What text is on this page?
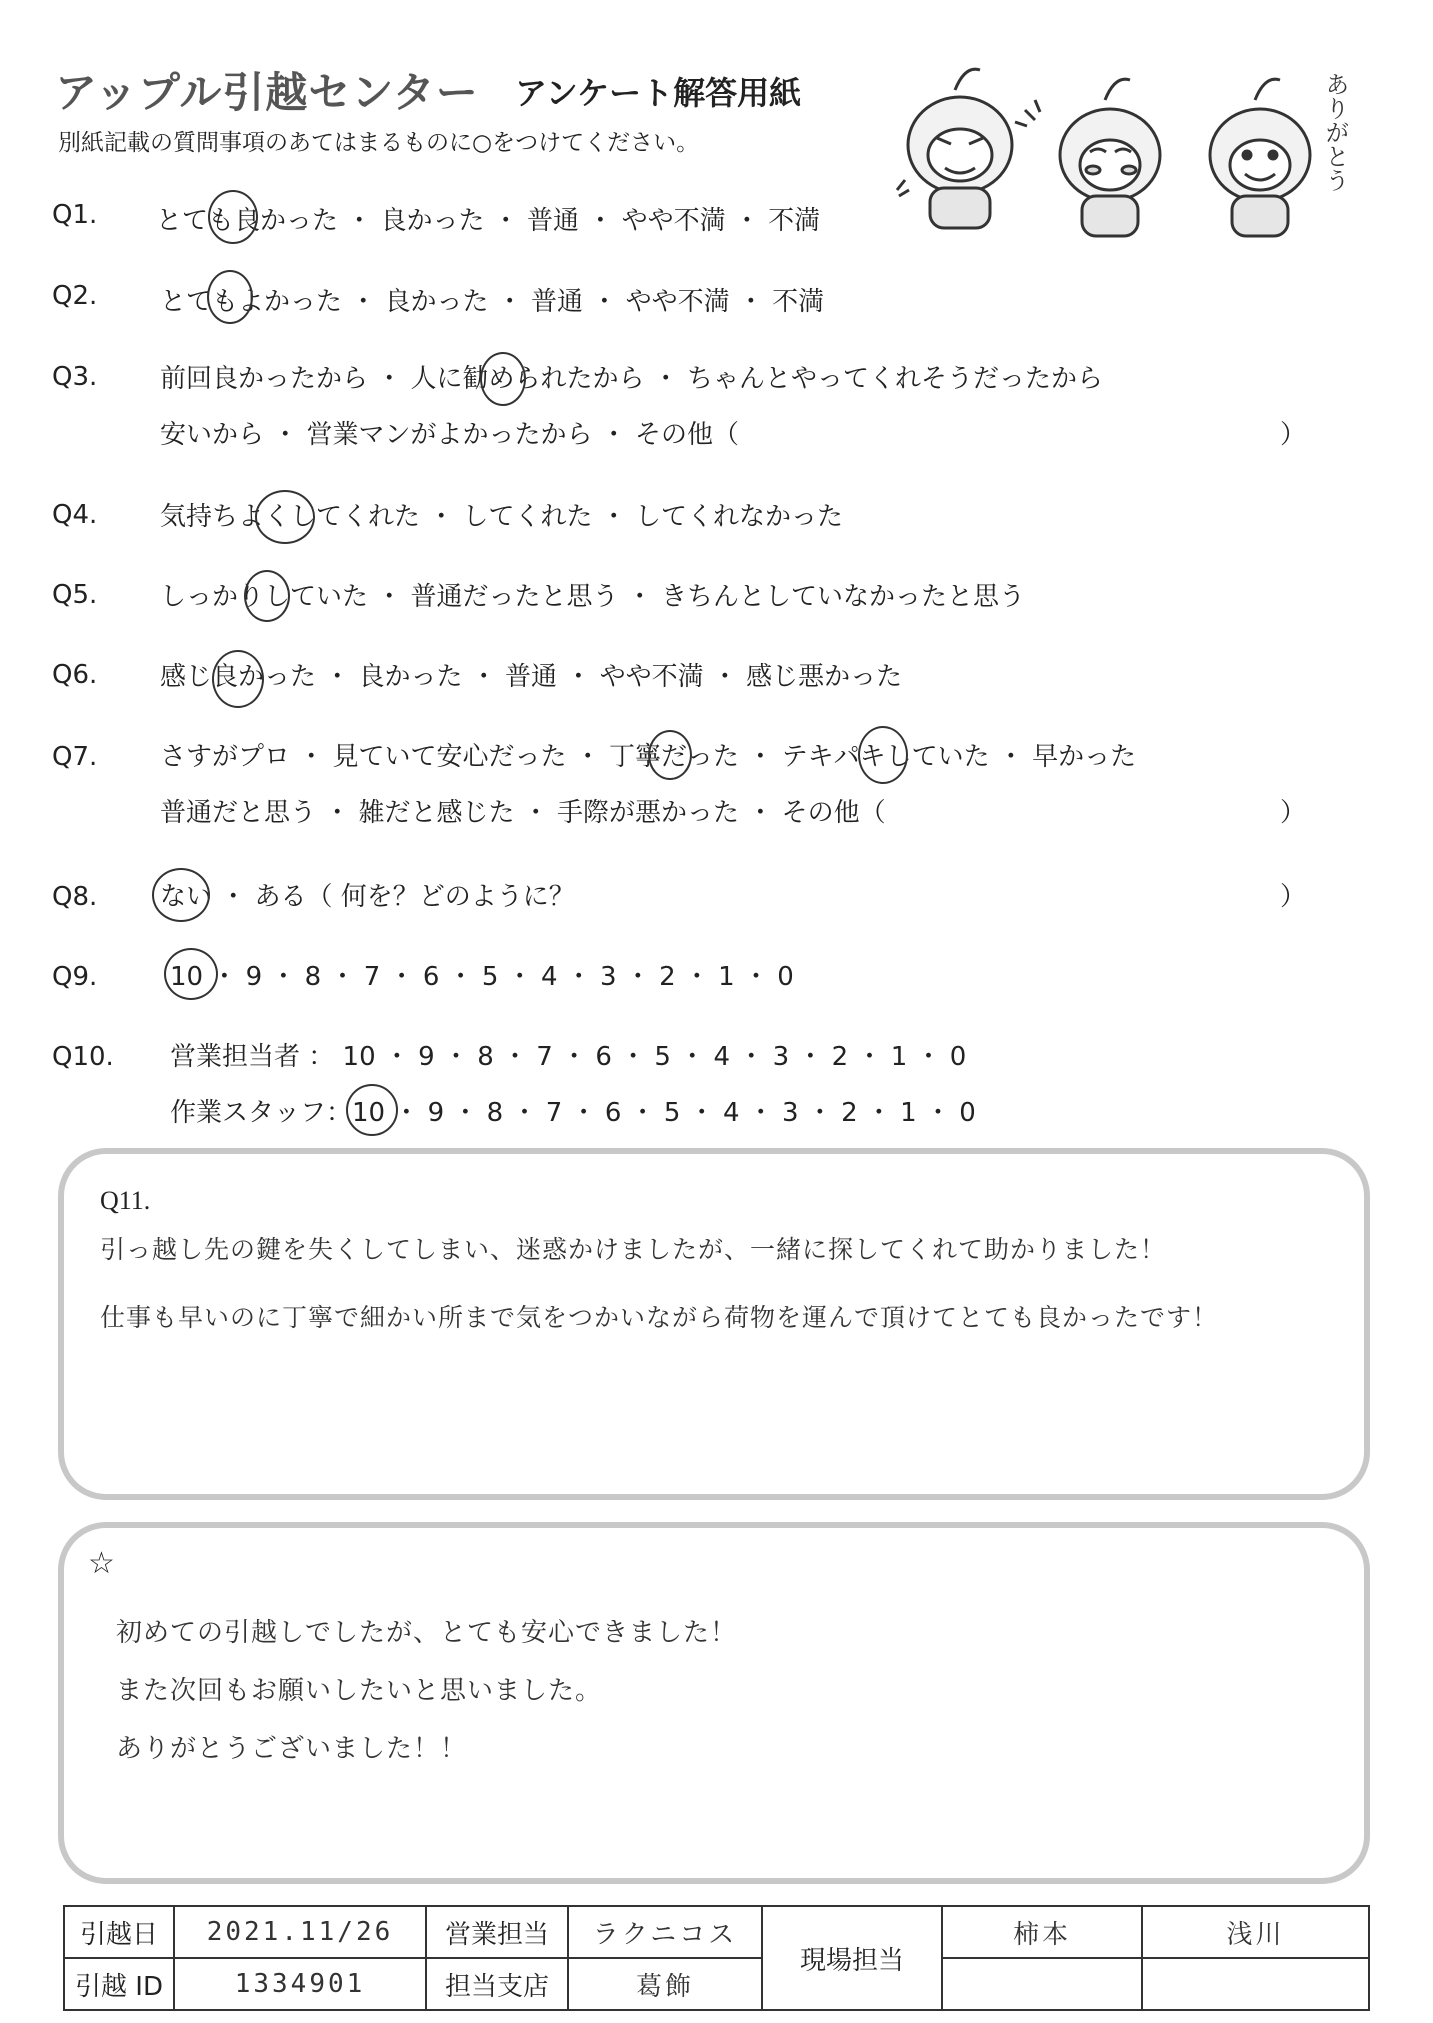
アップル引越センター アンケート解答用紙
別紙記載の質問事項のあてはまるものに○をつけてください。	ありがとう
Q1. とても良かった ・ 良かった ・ 普通 ・ やや不満 ・ 不満
Q2. とてもよかった ・ 良かった ・ 普通 ・ やや不満 ・ 不満
Q3. 前回良かったから ・ 人に勧められたから ・ ちゃんとやってくれそうだったから
安いから ・ 営業マンがよかったから ・ その他（	）
Q4. 気持ちよくしてくれた ・ してくれた ・ してくれなかった
Q5. しっかりしていた ・ 普通だったと思う ・ きちんとしていなかったと思う
Q6. 感じ良かった ・ 良かった ・ 普通 ・ やや不満 ・ 感じ悪かった
Q7. さすがプロ ・ 見ていて安心だった ・ 丁寧だった ・ テキパキしていた ・ 早かった
普通だと思う ・ 雑だと感じた ・ 手際が悪かった ・ その他（	）
Q8. ない ・ ある（ 何を？どのように？	）
Q9.	10 ・ 9 ・ 8 ・ 7 ・ 6 ・ 5 ・ 4 ・ 3 ・ 2 ・ 1 ・ 0
Q10. 営業担当者 ： 10 ・ 9 ・ 8 ・ 7 ・ 6 ・ 5 ・ 4 ・ 3 ・ 2 ・ 1 ・ 0
作業スタッフ：10 ・ 9 ・ 8 ・ 7 ・ 6 ・ 5 ・ 4 ・ 3 ・ 2 ・ 1 ・ 0
Q11.
引っ越し先の鍵を失くしてしまい、迷惑かけましたが、一緒に探してくれて助かりました！
仕事も早いのに丁寧で細かい所まで気をつかいながら荷物を運んで頂けてとても良かったです！
☆
初めての引越しでしたが、とても安心できました！
また次回もお願いしたいと思いました。
ありがとうございました！！
引越日	2021.11/26	営業担当	ラクニコス	現場担当	柿本	浅川
引越 ID	1334901	担当支店	葛飾			
